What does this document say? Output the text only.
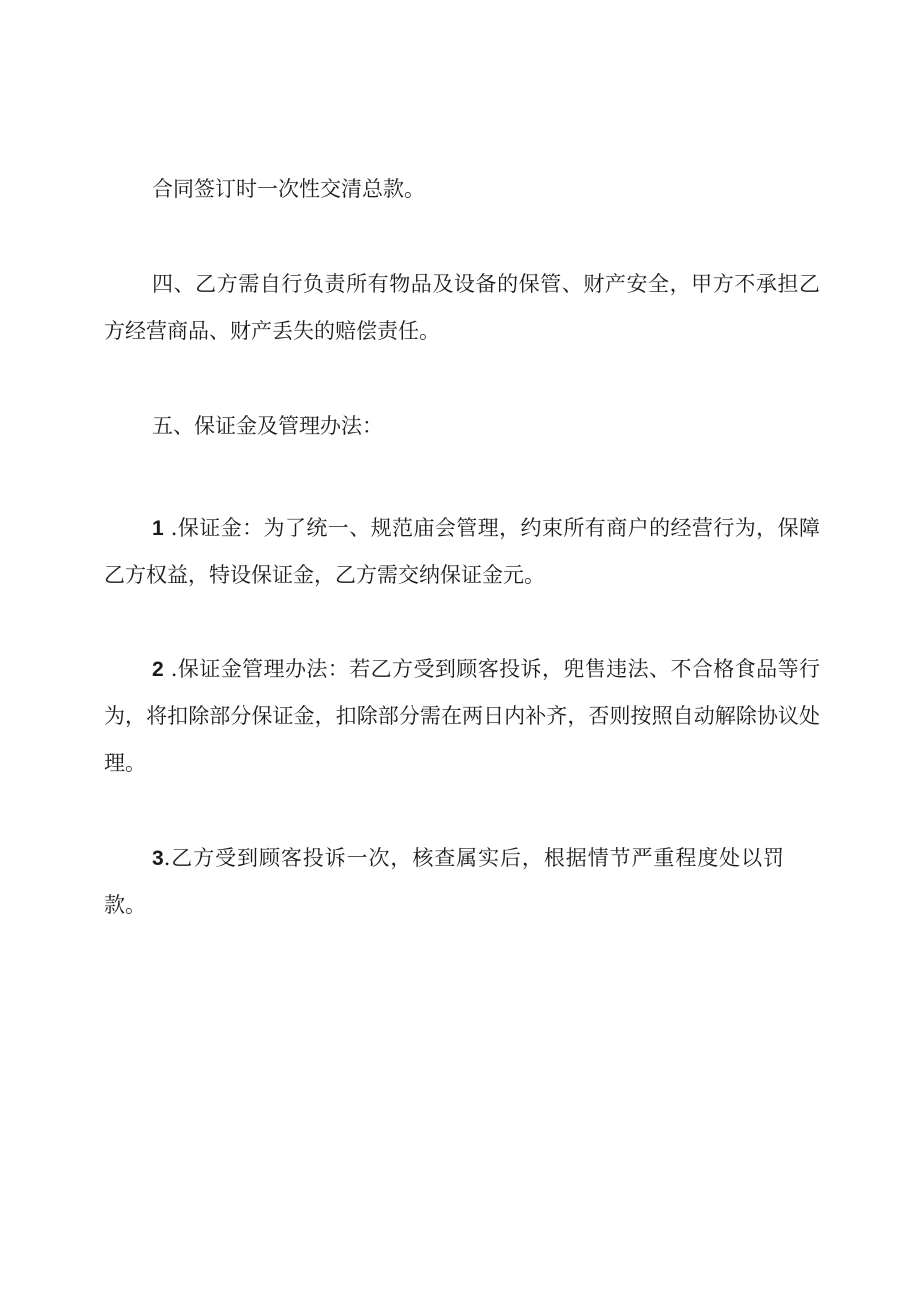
合同签订时一次性交清总款。

四、乙方需自行负责所有物品及设备的保管、财产安全，甲方不承担乙方经营商品、财产丢失的赔偿责任。

五、保证金及管理办法：

1 .保证金：为了统一、规范庙会管理，约束所有商户的经营行为，保障乙方权益，特设保证金，乙方需交纳保证金元。

2 .保证金管理办法：若乙方受到顾客投诉，兜售违法、不合格食品等行为，将扣除部分保证金，扣除部分需在两日内补齐，否则按照自动解除协议处理。

3.乙方受到顾客投诉一次，核查属实后，根据情节严重程度处以罚款。
